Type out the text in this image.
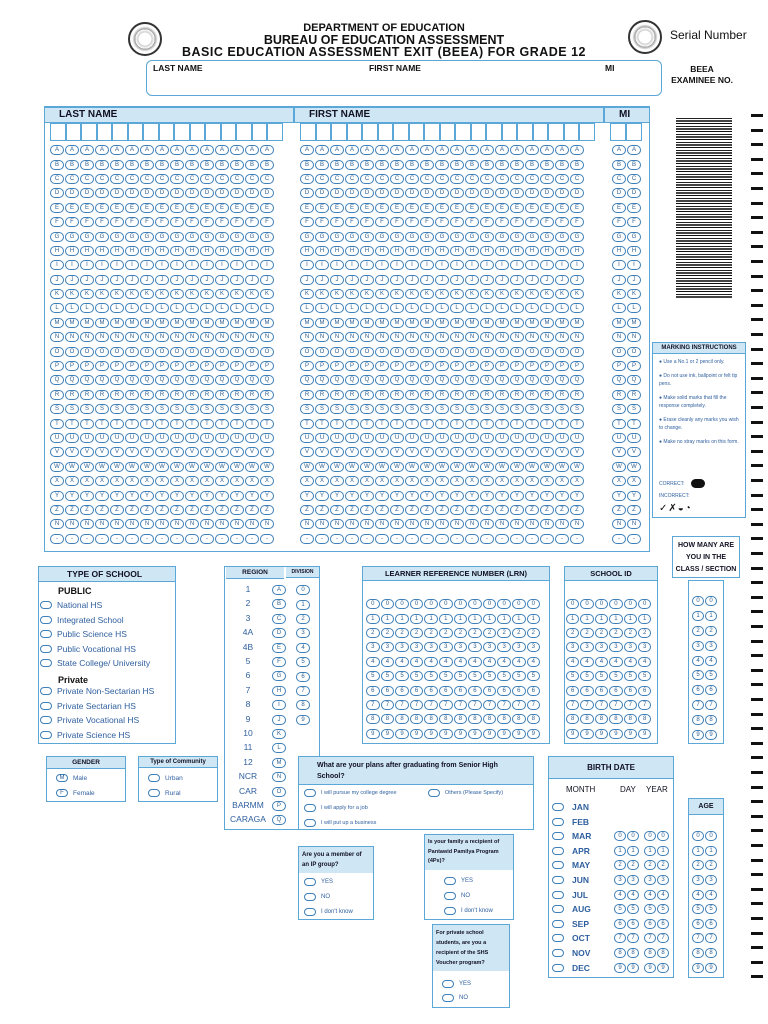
DEPARTMENT OF EDUCATION
BUREAU OF EDUCATION ASSESSMENT
BASIC EDUCATION ASSESSMENT EXIT (BEEA) FOR GRADE 12
Serial Number
LAST NAME	FIRST NAME	MI	BEEA
EXAMINEE NO.
LAST NAME	FIRST NAME	MI
A	A	A	A	A	A	A	A	A	A	A	A	A	A	A
B	B	B	B	B	B	B	B	B	B	B	B	B	B	B
C	C	C	C	C	C	C	C	C	C	C	C	C	C	C
D	D	D	D	D	D	D	D	D	D	D	D	D	D	D
E	E	E	E	E	E	E	E	E	E	E	E	E	E	E
F	F	F	F	F	F	F	F	F	F	F	F	F	F	F
G	G	G	G	G	G	G	G	G	G	G	G	G	G	G
H	H	H	H	H	H	H	H	H	H	H	H	H	H	H
I	I	I	I	I	I	I	I	I	I	I	I	I	I	I
J	J	J	J	J	J	J	J	J	J	J	J	J	J	J
K	K	K	K	K	K	K	K	K	K	K	K	K	K	K
L	L	L	L	L	L	L	L	L	L	L	L	L	L	L
M	M	M	M	M	M	M	M	M	M	M	M	M	M	M
N	N	N	N	N	N	N	N	N	N	N	N	N	N	N
O	O	O	O	O	O	O	O	O	O	O	O	O	O	O
P	P	P	P	P	P	P	P	P	P	P	P	P	P	P
Q	Q	Q	Q	Q	Q	Q	Q	Q	Q	Q	Q	Q	Q	Q
R	R	R	R	R	R	R	R	R	R	R	R	R	R	R
S	S	S	S	S	S	S	S	S	S	S	S	S	S	S
T	T	T	T	T	T	T	T	T	T	T	T	T	T	T
U	U	U	U	U	U	U	U	U	U	U	U	U	U	U
V	V	V	V	V	V	V	V	V	V	V	V	V	V	V
W	W	W	W	W	W	W	W	W	W	W	W	W	W	W
X	X	X	X	X	X	X	X	X	X	X	X	X	X	X
Y	Y	Y	Y	Y	Y	Y	Y	Y	Y	Y	Y	Y	Y	Y
Z	Z	Z	Z	Z	Z	Z	Z	Z	Z	Z	Z	Z	Z	Z
Ñ	Ñ	Ñ	Ñ	Ñ	Ñ	Ñ	Ñ	Ñ	Ñ	Ñ	Ñ	Ñ	Ñ	Ñ
-	-	-	-	-	-	-	-	-	-	-	-	-	-	-
A	A	A	A	A	A	A	A	A	A	A	A	A	A	A	A	A	A	A
B	B	B	B	B	B	B	B	B	B	B	B	B	B	B	B	B	B	B
C	C	C	C	C	C	C	C	C	C	C	C	C	C	C	C	C	C	C
D	D	D	D	D	D	D	D	D	D	D	D	D	D	D	D	D	D	D
E	E	E	E	E	E	E	E	E	E	E	E	E	E	E	E	E	E	E
F	F	F	F	F	F	F	F	F	F	F	F	F	F	F	F	F	F	F
G	G	G	G	G	G	G	G	G	G	G	G	G	G	G	G	G	G	G
H	H	H	H	H	H	H	H	H	H	H	H	H	H	H	H	H	H	H
I	I	I	I	I	I	I	I	I	I	I	I	I	I	I	I	I	I	I
J	J	J	J	J	J	J	J	J	J	J	J	J	J	J	J	J	J	J
K	K	K	K	K	K	K	K	K	K	K	K	K	K	K	K	K	K	K
L	L	L	L	L	L	L	L	L	L	L	L	L	L	L	L	L	L	L
M	M	M	M	M	M	M	M	M	M	M	M	M	M	M	M	M	M	M
N	N	N	N	N	N	N	N	N	N	N	N	N	N	N	N	N	N	N
O	O	O	O	O	O	O	O	O	O	O	O	O	O	O	O	O	O	O
P	P	P	P	P	P	P	P	P	P	P	P	P	P	P	P	P	P	P
Q	Q	Q	Q	Q	Q	Q	Q	Q	Q	Q	Q	Q	Q	Q	Q	Q	Q	Q
R	R	R	R	R	R	R	R	R	R	R	R	R	R	R	R	R	R	R
S	S	S	S	S	S	S	S	S	S	S	S	S	S	S	S	S	S	S
T	T	T	T	T	T	T	T	T	T	T	T	T	T	T	T	T	T	T
U	U	U	U	U	U	U	U	U	U	U	U	U	U	U	U	U	U	U
V	V	V	V	V	V	V	V	V	V	V	V	V	V	V	V	V	V	V
W	W	W	W	W	W	W	W	W	W	W	W	W	W	W	W	W	W	W
X	X	X	X	X	X	X	X	X	X	X	X	X	X	X	X	X	X	X
Y	Y	Y	Y	Y	Y	Y	Y	Y	Y	Y	Y	Y	Y	Y	Y	Y	Y	Y
Z	Z	Z	Z	Z	Z	Z	Z	Z	Z	Z	Z	Z	Z	Z	Z	Z	Z	Z
Ñ	Ñ	Ñ	Ñ	Ñ	Ñ	Ñ	Ñ	Ñ	Ñ	Ñ	Ñ	Ñ	Ñ	Ñ	Ñ	Ñ	Ñ	Ñ
-	-	-	-	-	-	-	-	-	-	-	-	-	-	-	-	-	-	-
A	A
B	B
C	C
D	D
E	E
F	F
G	G
H	H
I	I
J	J
K	K
L	L
M	M
N	N
O	O
P	P
Q	Q
R	R
S	S
T	T
U	U
V	V
W	W
X	X
Y	Y
Z	Z
Ñ	Ñ
-	-
MARKING INSTRUCTIONS
● Use a No.1 or 2 pencil only.
● Do not use ink, ballpoint or felt tip pens.
● Make solid marks that fill the response completely.
● Erase cleanly any marks you wish to change.
● Make no stray marks on this form.
CORRECT:
INCORRECT:
✓✗◒◔
HOW MANY ARE YOU IN THE CLASS / SECTION
0	0
1	1
2	2
3	3
4	4
5	5
6	6
7	7
8	8
9	9
TYPE OF SCHOOL
PUBLIC
Private
National HS
Integrated School
Public Science HS
Public Vocational HS
State College/ University
Private Non-Sectarian HS
Private Sectarian HS
Private Vocational HS
Private Science HS
REGION	DIVISION
1	A
2	B
3	C
4A	D
4B	E
5	F
6	G
7	H
8	I
9	J
10	K
11	L
12	M
NCR	N
CAR	O
BARMM	P
CARAGA	Q
0
1
2
3
4
5
6
7
8
9
LEARNER REFERENCE NUMBER (LRN)
0	0	0	0	0	0	0	0	0	0	0	0
1	1	1	1	1	1	1	1	1	1	1	1
2	2	2	2	2	2	2	2	2	2	2	2
3	3	3	3	3	3	3	3	3	3	3	3
4	4	4	4	4	4	4	4	4	4	4	4
5	5	5	5	5	5	5	5	5	5	5	5
6	6	6	6	6	6	6	6	6	6	6	6
7	7	7	7	7	7	7	7	7	7	7	7
8	8	8	8	8	8	8	8	8	8	8	8
9	9	9	9	9	9	9	9	9	9	9	9
SCHOOL ID
0	0	0	0	0	0
1	1	1	1	1	1
2	2	2	2	2	2
3	3	3	3	3	3
4	4	4	4	4	4
5	5	5	5	5	5
6	6	6	6	6	6
7	7	7	7	7	7
8	8	8	8	8	8
9	9	9	9	9	9
GENDER
M	Male
F	Female
Type of Community
Urban
Rural
What are your plans after graduating from Senior High School?
I will pursue my college degree
I will apply for a job
I will put up a business
Others (Please Specify)
Are you a member of an IP group?
YES
NO
I don't know
Is your family a recipient of Pantawid Pamilya Program (4Ps)?
YES
NO
I don't know
For private school students, are you a recipient of the SHS Voucher program?
YES
NO
BIRTH DATE
MONTH	DAY YEAR
JAN
FEB
MAR
APR
MAY
JUN
JUL
AUG
SEP
OCT
NOV
DEC
0	0
1	1
2	2
3	3
4	4
5	5
6	6
7	7
8	8
9	9
0	0
1	1
2	2
3	3
4	4
5	5
6	6
7	7
8	8
9	9
AGE
0	0
1	1
2	2
3	3
4	4
5	5
6	6
7	7
8	8
9	9
